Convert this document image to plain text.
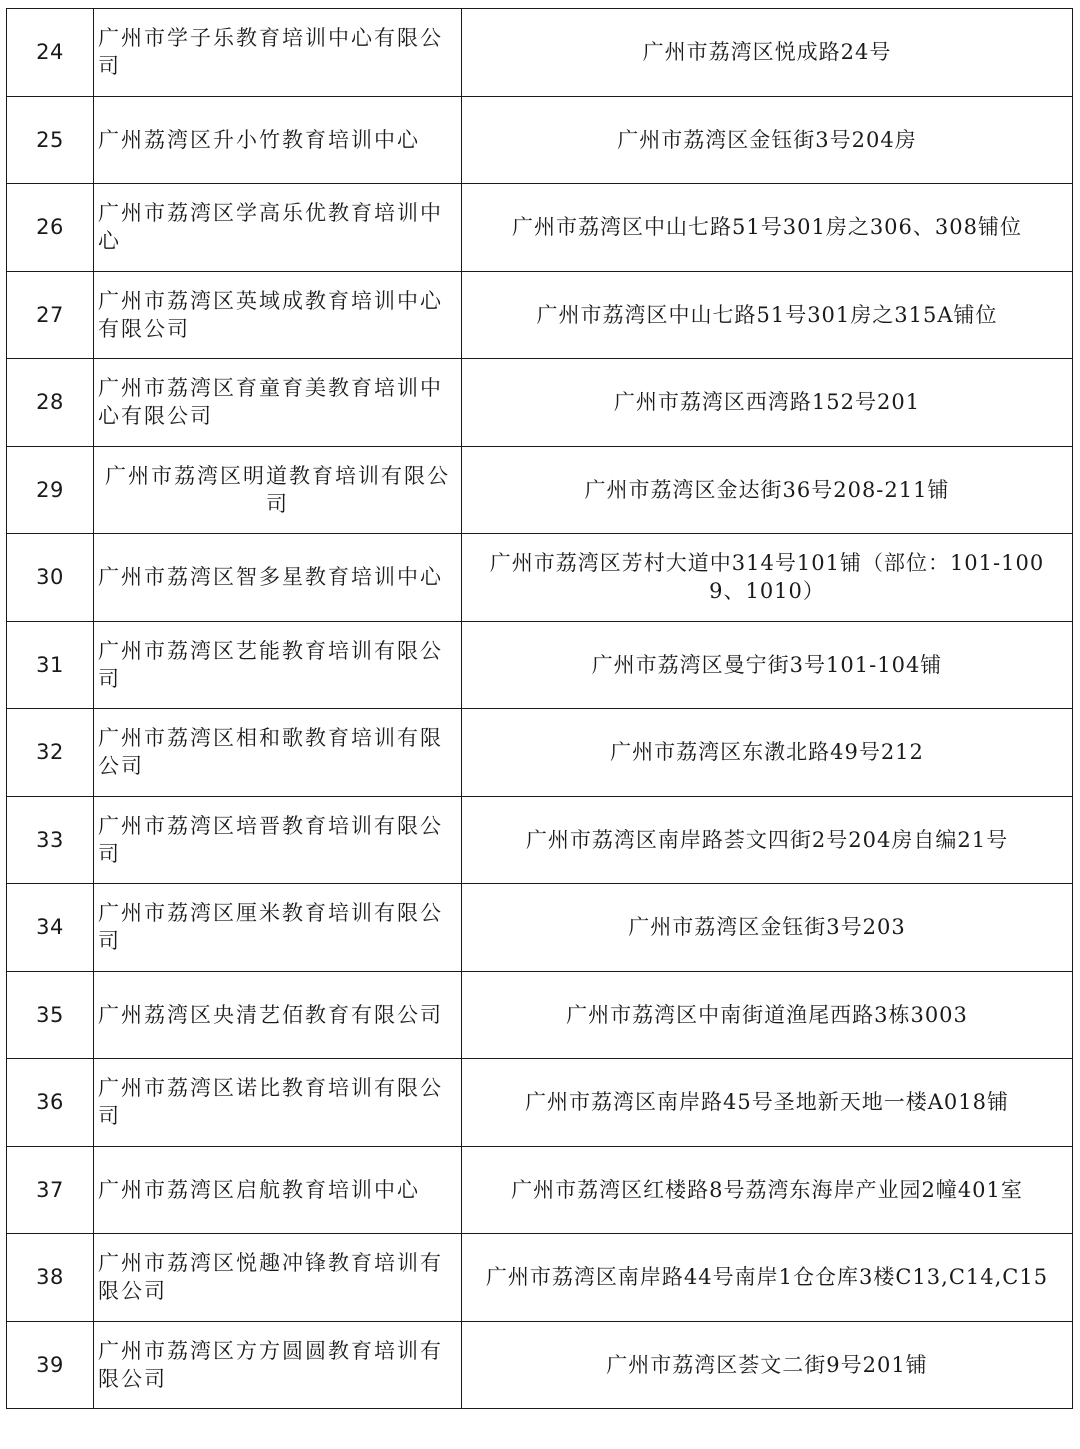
24	广州市学子乐教育培训中心有限公司	广州市荔湾区悦成路24号
25	广州荔湾区升小竹教育培训中心	广州市荔湾区金钰街3号204房
26	广州市荔湾区学高乐优教育培训中心	广州市荔湾区中山七路51号301房之306、308铺位
27	广州市荔湾区英域成教育培训中心有限公司	广州市荔湾区中山七路51号301房之315A铺位
28	广州市荔湾区育童育美教育培训中心有限公司	广州市荔湾区西湾路152号201
29	广州市荔湾区明道教育培训有限公司	广州市荔湾区金达街36号208-211铺
30	广州市荔湾区智多星教育培训中心	广州市荔湾区芳村大道中314号101铺（部位：101-1009、1010）
31	广州市荔湾区艺能教育培训有限公司	广州市荔湾区曼宁街3号101-104铺
32	广州市荔湾区相和歌教育培训有限公司	广州市荔湾区东漖北路49号212
33	广州市荔湾区培晋教育培训有限公司	广州市荔湾区南岸路荟文四街2号204房自编21号
34	广州市荔湾区厘米教育培训有限公司	广州市荔湾区金钰街3号203
35	广州荔湾区央清艺佰教育有限公司	广州市荔湾区中南街道渔尾西路3栋3003
36	广州市荔湾区诺比教育培训有限公司	广州市荔湾区南岸路45号圣地新天地一楼A018铺
37	广州市荔湾区启航教育培训中心	广州市荔湾区红楼路8号荔湾东海岸产业园2幢401室
38	广州市荔湾区悦趣冲锋教育培训有限公司	广州市荔湾区南岸路44号南岸1仓仓库3楼C13,C14,C15
39	广州市荔湾区方方圆圆教育培训有限公司	广州市荔湾区荟文二街9号201铺
